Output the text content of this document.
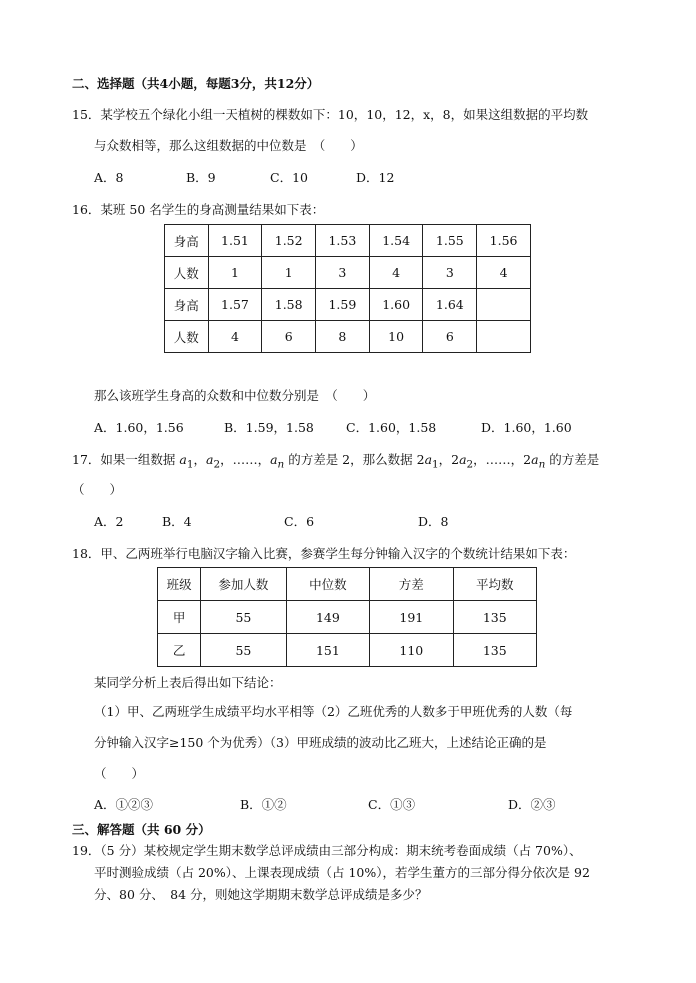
二、选择题（共4小题，每题3分，共12分）
15．某学校五个绿化小组一天植树的棵数如下：10，10，12，x，8，如果这组数据的平均数
与众数相等，那么这组数据的中位数是　（　　）
A．8	B．9	C．10	D．12
16．某班 50 名学生的身高测量结果如下表：
身高	1.51	1.52	1.53	1.54	1.55	1.56
人数	1	1	3	4	3	4
身高	1.57	1.58	1.59	1.60	1.64	
人数	4	6	8	10	6	
那么该班学生身高的众数和中位数分别是　（　　）
A．1.60，1.56	B．1.59，1.58	C．1.60，1.58	D．1.60，1.60
17．如果一组数据 $a_1$，$a_2$，……，$a_n$ 的方差是 2，那么数据 $2a_1$，$2a_2$，……，$2a_n$ 的方差是
（　　）
A．2	B．4	C．6	D．8
18．甲、乙两班举行电脑汉字输入比赛，参赛学生每分钟输入汉字的个数统计结果如下表：
班级	参加人数	中位数	方差	平均数
甲	55	149	191	135
乙	55	151	110	135
某同学分析上表后得出如下结论：
（1）甲、乙两班学生成绩平均水平相等（2）乙班优秀的人数多于甲班优秀的人数（每
分钟输入汉字≥150 个为优秀）（3）甲班成绩的波动比乙班大，上述结论正确的是
（　　）
A．①②③	B．①②	C．①③	D．②③
三、解答题（共 60 分）
19．（5 分）某校规定学生期末数学总评成绩由三部分构成：期末统考卷面成绩（占 70%）、
平时测验成绩（占 20%）、上课表现成绩（占 10%），若学生董方的三部分得分依次是 92
分、80 分、　84 分，则她这学期期末数学总评成绩是多少？
